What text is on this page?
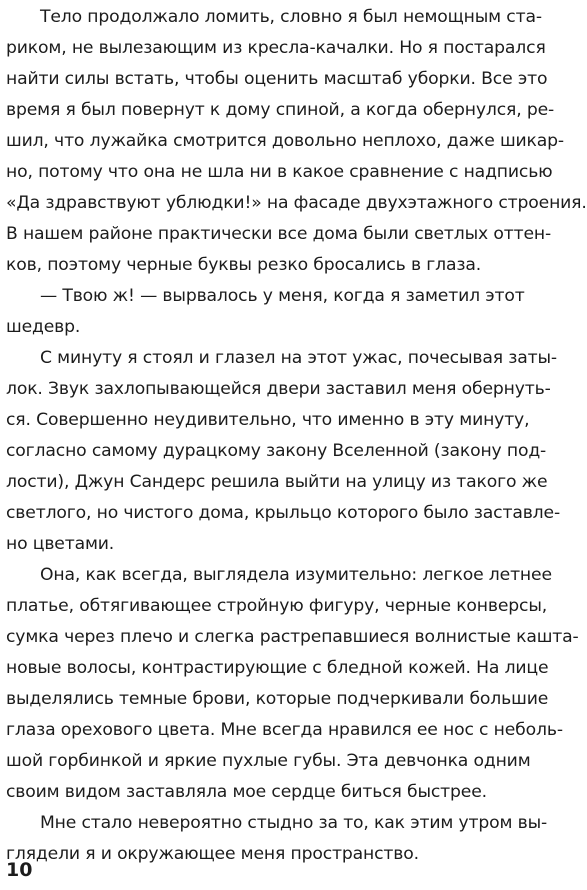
Тело продолжало ломить, словно я был немощным ста-
риком, не вылезающим из кресла-качалки. Но я постарался
найти силы встать, чтобы оценить масштаб уборки. Все это
время я был повернут к дому спиной, а когда обернулся, ре-
шил, что лужайка смотрится довольно неплохо, даже шикар-
но, потому что она не шла ни в какое сравнение с надписью
«Да здравствуют ублюдки!» на фасаде двухэтажного строения.
В нашем районе практически все дома были светлых оттен-
ков, поэтому черные буквы резко бросались в глаза.
— Твою ж! — вырвалось у меня, когда я заметил этот
шедевр.
С минуту я стоял и глазел на этот ужас, почесывая заты-
лок. Звук захлопывающейся двери заставил меня обернуть-
ся. Совершенно неудивительно, что именно в эту минуту,
согласно самому дурацкому закону Вселенной (закону под-
лости), Джун Сандерс решила выйти на улицу из такого же
светлого, но чистого дома, крыльцо которого было заставле-
но цветами.
Она, как всегда, выглядела изумительно: легкое летнее
платье, обтягивающее стройную фигуру, черные конверсы,
сумка через плечо и слегка растрепавшиеся волнистые кашта-
новые волосы, контрастирующие с бледной кожей. На лице
выделялись темные брови, которые подчеркивали большие
глаза орехового цвета. Мне всегда нравился ее нос с неболь-
шой горбинкой и яркие пухлые губы. Эта девчонка одним
своим видом заставляла мое сердце биться быстрее.
Мне стало невероятно стыдно за то, как этим утром вы-
глядели я и окружающее меня пространство.
10
